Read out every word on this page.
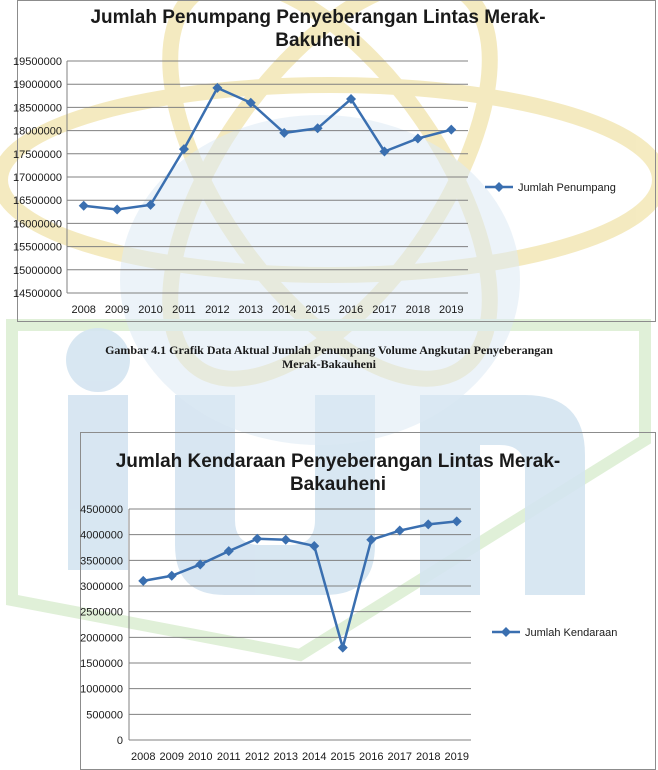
Jumlah Penumpang Penyeberangan Lintas Merak-
Bakuheni
14500000
15000000
15500000
16000000
16500000
17000000
17500000
18000000
18500000
19000000
19500000
2008 2009 2010 2011 2012 2013 2014 2015 2016 2017 2018 2019
Jumlah Penumpang
Gambar 4.1 Grafik Data Aktual Jumlah Penumpang Volume Angkutan Penyeberangan
Merak-Bakauheni
Jumlah Kendaraan Penyeberangan Lintas Merak-
Bakauheni
0
500000
1000000
1500000
2000000
2500000
3000000
3500000
4000000
4500000
2008 2009 2010 2011 2012 2013 2014 2015 2016 2017 2018 2019
Jumlah Kendaraan
